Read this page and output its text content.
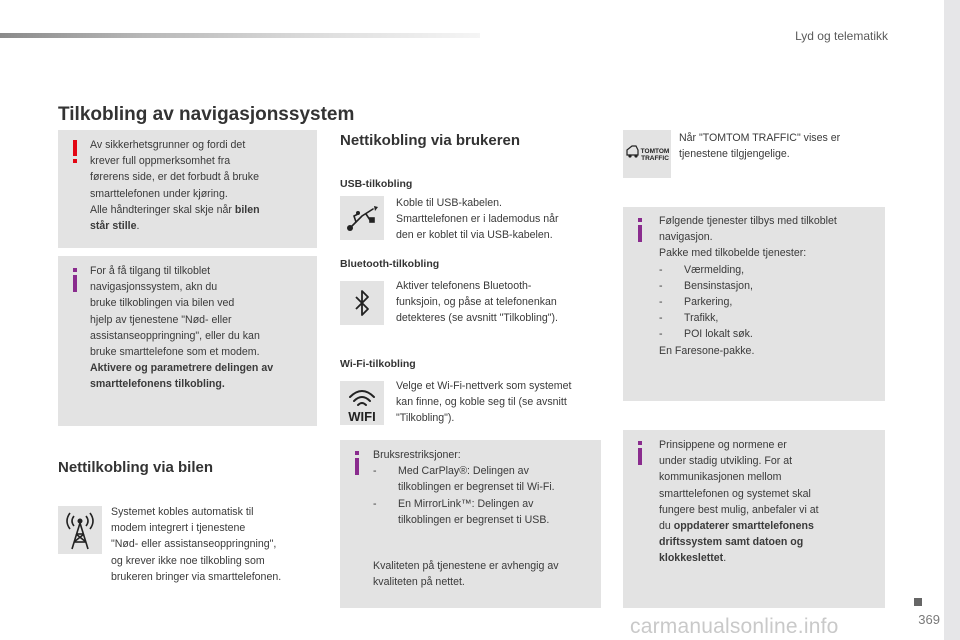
Lyd og telematikk
Tilkobling av navigasjonssystem
Av sikkerhetsgrunner og fordi det
krever full oppmerksomhet fra
førerens side, er det forbudt å bruke
smarttelefonen under kjøring.
Alle håndteringer skal skje når bilen
står stille.
For å få tilgang til tilkoblet
navigasjonssystem, akn du
bruke tilkoblingen via bilen ved
hjelp av tjenestene "Nød- eller
assistanseoppringning", eller du kan
bruke smarttelefone som et modem.
Aktivere og parametrere delingen av
smarttelefonens tilkobling.
Nettilkobling via bilen
Systemet kobles automatisk til
modem integrert i tjenestene
"Nød- eller assistanseoppringning",
og krever ikke noe tilkobling som
brukeren bringer via smarttelefonen.
Nettikobling via brukeren
USB-tilkobling
Koble til USB-kabelen.
Smarttelefonen er i lademodus når
den er koblet til via USB-kabelen.
Bluetooth-tilkobling
Aktiver telefonens Bluetooth-
funksjoin, og påse at telefonenkan
detekteres (se avsnitt "Tilkobling").
Wi-Fi-tilkobling
WIFI
Velge et Wi-Fi-nettverk som systemet
kan finne, og koble seg til (se avsnitt
"Tilkobling").
Bruksrestriksjoner:
- Med CarPlay®: Delingen av
tilkoblingen er begrenset til Wi-Fi.
- En MirrorLink™: Delingen av
tilkoblingen er begrenset ti USB.
Kvaliteten på tjenestene er avhengig av
kvaliteten på nettet.
TOMTOM
TRAFFIC
Når "TOMTOM TRAFFIC" vises er
tjenestene tilgjengelige.
Følgende tjenester tilbys med tilkoblet
navigasjon.
Pakke med tilkobelde tjenester:
- Værmelding,
- Bensinstasjon,
- Parkering,
- Trafikk,
- POI lokalt søk.
En Faresone-pakke.
Prinsippene og normene er
under stadig utvikling. For at
kommunikasjonen mellom
smarttelefonen og systemet skal
fungere best mulig, anbefaler vi at
du oppdaterer smarttelefonens
driftssystem samt datoen og
klokkeslettet.
369
carmanualsonline.info
